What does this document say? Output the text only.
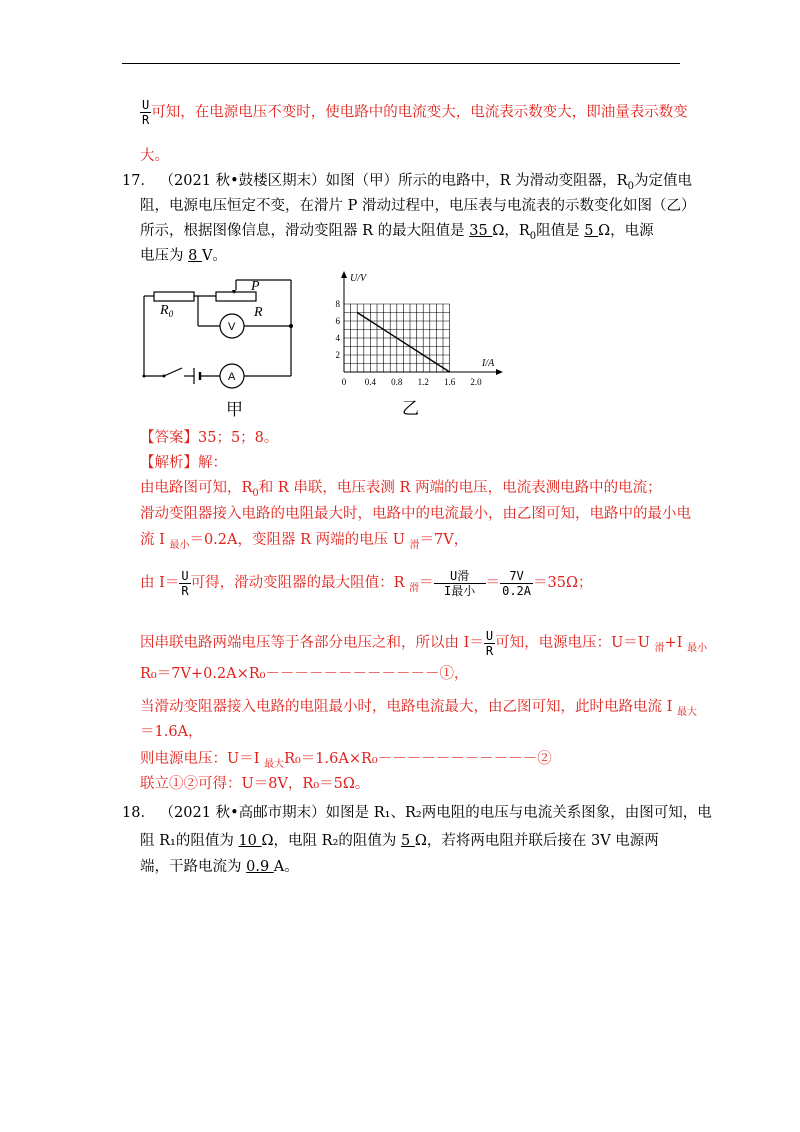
$\frac{U}{R}$ 可知，在电源电压不变时，使电路中的电流变大，电流表示数变大，即油量表示数变
大。
17． （2021 秋•鼓楼区期末）如图（甲）所示的电路中，R 为滑动变阻器，$R_0$为定值电
阻，电源电压恒定不变，在滑片 P 滑动过程中，电压表与电流表的示数变化如图（乙）
所示，根据图像信息，滑动变阻器 R 的最大阻值是 35 Ω，$R_0$阻值是 5 Ω，电源
电压为 8 V。
$R_0$
P
R
V
A
甲
0 0.4 0.8 1.2 1.6 2.0
2
4
6
8
U/V
I/A
乙
【答案】35；5；8。
【解析】解：
由电路图可知，$R_0$和 R 串联，电压表测 R 两端的电压，电流表测电路中的电流；
滑动变阻器接入电路的电阻最大时，电路中的电流最小，由乙图可知，电路中的最小电
流 I $_{最小}$＝0.2A，变阻器 R 两端的电压 U $_滑$＝7V，
由 $I= \frac{U}{R}$ 可得，滑动变阻器的最大阻值：R $_滑= \frac{\text{U滑}}{\text{I最小}} = \frac{7V}{0.2A} =35\Omega$；
因串联电路两端电压等于各部分电压之和，所以由 $I= \frac{U}{R}$ 可知，电源电压：U＝U $_滑$+I $_{最小}$
R₀＝7V+0.2A×R₀－－－－－－－－－－－－①，
当滑动变阻器接入电路的电阻最小时，电路电流最大，由乙图可知，此时电路电流 I $_{最大}$
＝1.6A，
则电源电压：U＝I $_{最大}$R₀＝1.6A×R₀－－－－－－－－－－－②
联立①②可得：U＝8V，R₀＝5Ω。
18． （2021 秋•高邮市期末）如图是 R₁、R₂两电阻的电压与电流关系图象，由图可知，电
阻 R₁的阻值为 10 Ω，电阻 R₂的阻值为 5 Ω，若将两电阻并联后接在 3V 电源两
端，干路电流为 0.9 A。
